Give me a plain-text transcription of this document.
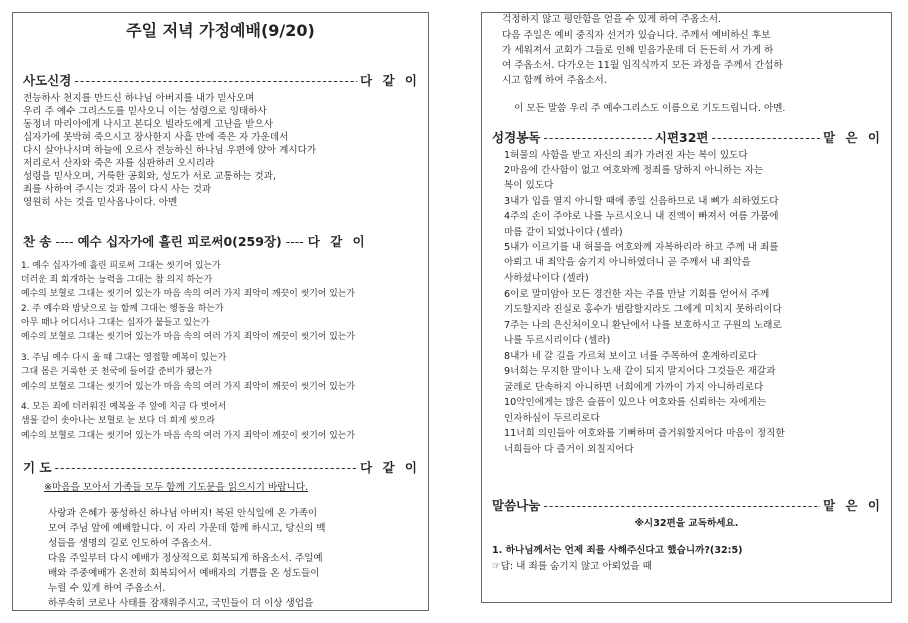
주일 저녁 가정예배(9/20)
사도신경 -----	다 같 이
전능하사 천지를 만드신 하나님 아버지를 내가 믿사오며
우리 주 예수 그리스도를 믿사오니 이는 성령으로 잉태하사
동정녀 마리아에게 나시고 본디오 빌라도에게 고난을 받으사
십자가에 못박혀 죽으시고 장사한지 사흘 만에 죽은 자 가운데서
다시 살아나시며 하늘에 오르사 전능하신 하나님 우편에 앉아 계시다가
저리로서 산자와 죽은 자를 심판하러 오시리라
성령을 믿사오며, 거룩한 공회와, 성도가 서로 교통하는 것과,
죄를 사하여 주시는 것과 몸이 다시 사는 것과
영원히 사는 것을 믿사옵나이다. 아멘
찬 송 ---- 예수 십자가에 흘린 피로써0(259장) ---- 다 같 이
1. 예수 십자가에 흘린 피로써 그대는 씻기어 있는가
더러운 죄 회개하는 능력을 그대는 참 의지 하는가
예수의 보혈로 그대는 씻기어 있는가 마음 속의 여러 가지 죄악이 깨끗이 씻기어 있는가
2. 주 예수와 밤낮으로 늘 함께 그대는 행동을 하는가
아무 때나 어디서나 그대는 십자가 붙들고 있는가
예수의 보혈로 그대는 씻기어 있는가 마음 속의 여러 가지 죄악이 깨끗이 씻기어 있는가
3. 주님 예수 다시 올 때 그대는 영접할 예복이 있는가
그대 몸은 거룩한 곳 천국에 들어갈 준비가 됐는가
예수의 보혈로 그대는 씻기어 있는가 마음 속의 여러 가지 죄악이 깨끗이 씻기어 있는가
4. 모든 죄에 더러워진 예복을 주 앞에 지금 다 벗어서
샘물 같이 솟아나는 보혈로 눈 보다 더 희게 씻으라
예수의 보혈로 그대는 씻기어 있는가 마음 속의 여러 가지 죄악이 깨끗이 씻기어 있는가
기 도 -----	다 같 이
※마음을 모아서 가족들 모두 함께 기도문을 읽으시기 바랍니다.
사랑과 은혜가 풍성하신 하나님 아버지! 복된 안식일에 온 가족이
모여 주님 앞에 예배합니다. 이 자리 가운데 함께 하시고, 당신의 백
성들을 생명의 길로 인도하여 주옵소서.
다음 주일부터 다시 예배가 정상적으로 회복되게 하옵소서. 주일예
배와 주중예배가 온전히 회복되어서 예배자의 기쁨을 온 성도들이
누릴 수 있게 하여 주옵소서.
하루속히 코로나 사태를 잠재워주시고, 국민들이 더 이상 생업을
걱정하지 않고 평안함을 얻을 수 있게 하여 주옵소서.
다음 주일은 예비 중직자 선거가 있습니다. 주께서 예비하신 후보
가 세워져서 교회가 그들로 인해 믿음가운데 더 든든히 서 가게 하
여 주옵소서. 다가오는 11월 임직식까지 모든 과정을 주께서 간섭하
시고 함께 하여 주옵소서.
이 모든 말씀 우리 주 예수그리스도 이름으로 기도드립니다. 아멘.
성경봉독 -----	시편32편 -----	맡 은 이
1허물의 사함을 받고 자신의 죄가 가려진 자는 복이 있도다
2마음에 간사함이 없고 여호와께 정죄를 당하지 아니하는 자는
복이 있도다
3내가 입을 열지 아니할 때에 종일 신음하므로 내 뼈가 쇠하였도다
4주의 손이 주야로 나를 누르시오니 내 진액이 빠져서 여름 가뭄에
마름 같이 되었나이다 (셀라)
5내가 이르기를 내 허물을 여호와께 자복하리라 하고 주께 내 죄를
아뢰고 내 죄악을 숨기지 아니하였더니 곧 주께서 내 죄악을
사하셨나이다 (셀라)
6이로 말미암아 모든 경건한 자는 주를 만날 기회를 얻어서 주께
기도할지라 진실로 홍수가 범람할지라도 그에게 미치지 못하리이다
7주는 나의 은신처이오니 환난에서 나를 보호하시고 구원의 노래로
나를 두르시리이다 (셀라)
8내가 네 갈 길을 가르쳐 보이고 너를 주목하여 훈계하리로다
9너희는 무지한 말이나 노새 같이 되지 말지어다 그것들은 재갈과
굴레로 단속하지 아니하면 너희에게 가까이 가지 아니하리로다
10악인에게는 많은 슬픔이 있으나 여호와를 신뢰하는 자에게는
인자하심이 두르리로다
11너희 의인들아 여호와를 기뻐하며 즐거워할지어다 마음이 정직한
너희들아 다 즐거이 외칠지어다
말씀나눔 -----	맡 은 이
※시32편을 교독하세요.
1. 하나님께서는 언제 죄를 사해주신다고 했습니까?(32:5)
☞답: 내 죄를 숨기지 않고 아뢰었을 때
